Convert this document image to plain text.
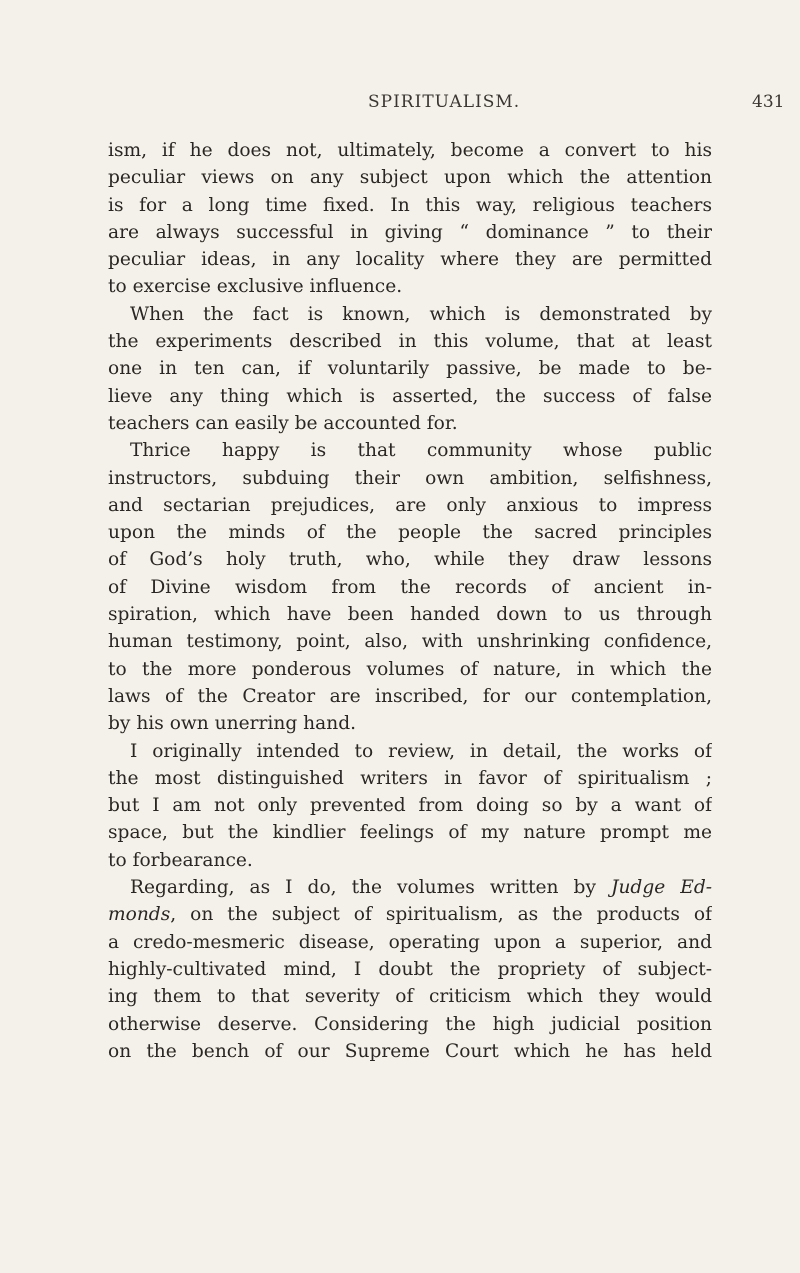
SPIRITUALISM.	431
ism, if he does not, ultimately, become a convert to his
peculiar views on any subject upon which the attention
is for a long time fixed. In this way, religious teachers
are always successful in giving “ dominance ” to their
peculiar ideas, in any locality where they are permitted
to exercise exclusive influence.
When the fact is known, which is demonstrated by
the experiments described in this volume, that at least
one in ten can, if voluntarily passive, be made to be-
lieve any thing which is asserted, the success of false
teachers can easily be accounted for.
Thrice happy is that community whose public
instructors, subduing their own ambition, selfishness,
and sectarian prejudices, are only anxious to impress
upon the minds of the people the sacred principles
of God’s holy truth, who, while they draw lessons
of Divine wisdom from the records of ancient in-
spiration, which have been handed down to us through
human testimony, point, also, with unshrinking confidence,
to the more ponderous volumes of nature, in which the
laws of the Creator are inscribed, for our contemplation,
by his own unerring hand.
I originally intended to review, in detail, the works of
the most distinguished writers in favor of spiritualism ;
but I am not only prevented from doing so by a want of
space, but the kindlier feelings of my nature prompt me
to forbearance.
Regarding, as I do, the volumes written by Judge Ed-
monds, on the subject of spiritualism, as the products of
a credo-mesmeric disease, operating upon a superior, and
highly-cultivated mind, I doubt the propriety of subject-
ing them to that severity of criticism which they would
otherwise deserve. Considering the high judicial position
on the bench of our Supreme Court which he has held
